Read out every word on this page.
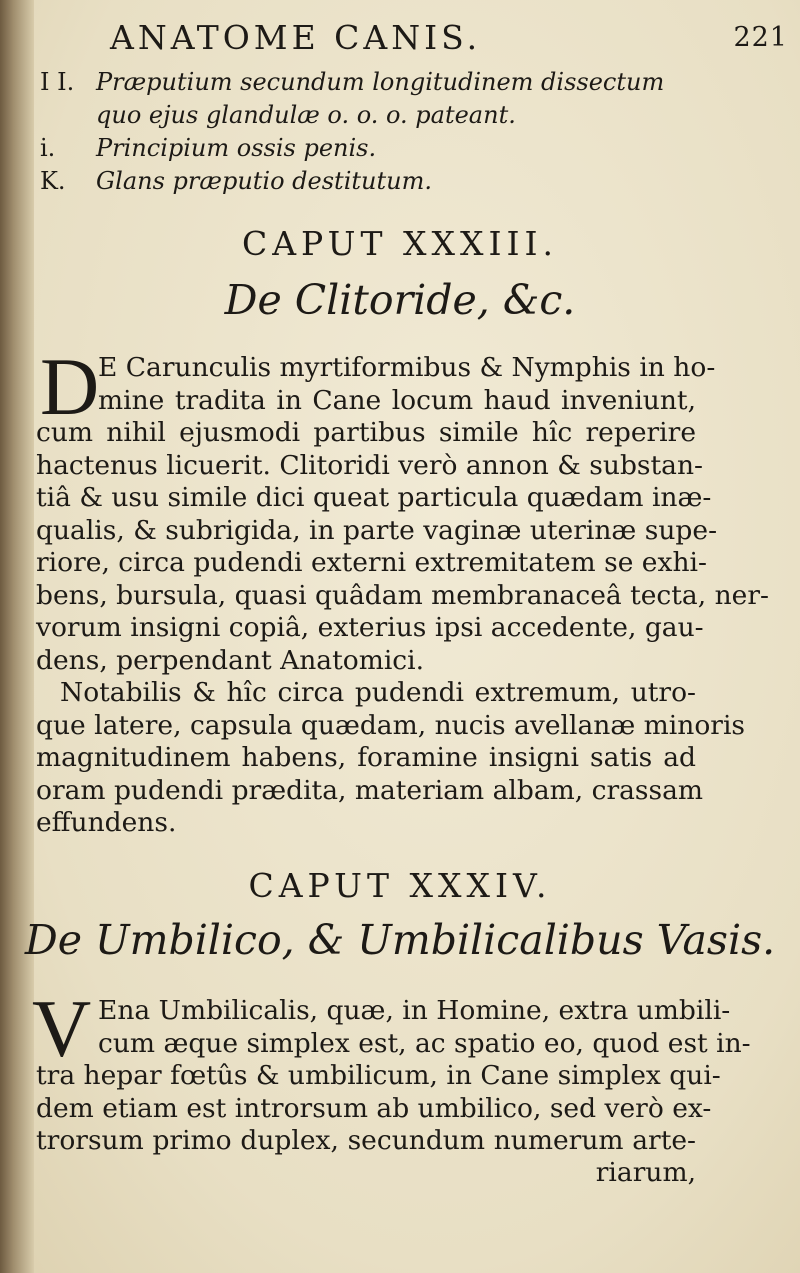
ANATOME CANIS.	221
I I. Præputium secundum longitudinem dissectum
quo ejus glandulæ o. o. o. pateant.
i. Principium ossis penis.
K. Glans præputio destitutum.
CAPUT XXXIII.
De Clitoride, &c.
D
E Carunculis myrtiformibus & Nymphis in ho-
mine tradita in Cane locum haud inveniunt,
cum nihil ejusmodi partibus simile hîc reperire
hactenus licuerit. Clitoridi verò annon & substan-
tiâ & usu simile dici queat particula quædam inæ-
qualis, & subrigida, in parte vaginæ uterinæ supe-
riore, circa pudendi externi extremitatem se exhi-
bens, bursula, quasi quâdam membranaceâ tecta, ner-
vorum insigni copiâ, exterius ipsi accedente, gau-
dens, perpendant Anatomici.
Notabilis & hîc circa pudendi extremum, utro-
que latere, capsula quædam, nucis avellanæ minoris
magnitudinem habens, foramine insigni satis ad
oram pudendi prædita, materiam albam, crassam
effundens.
CAPUT XXXIV.
De Umbilico, & Umbilicalibus Vasis.
V Ena Umbilicalis, quæ, in Homine, extra umbili-
cum æque simplex est, ac spatio eo, quod est in-
tra hepar fœtûs & umbilicum, in Cane simplex qui-
dem etiam est introrsum ab umbilico, sed verò ex-
trorsum primo duplex, secundum numerum arte-
riarum,
